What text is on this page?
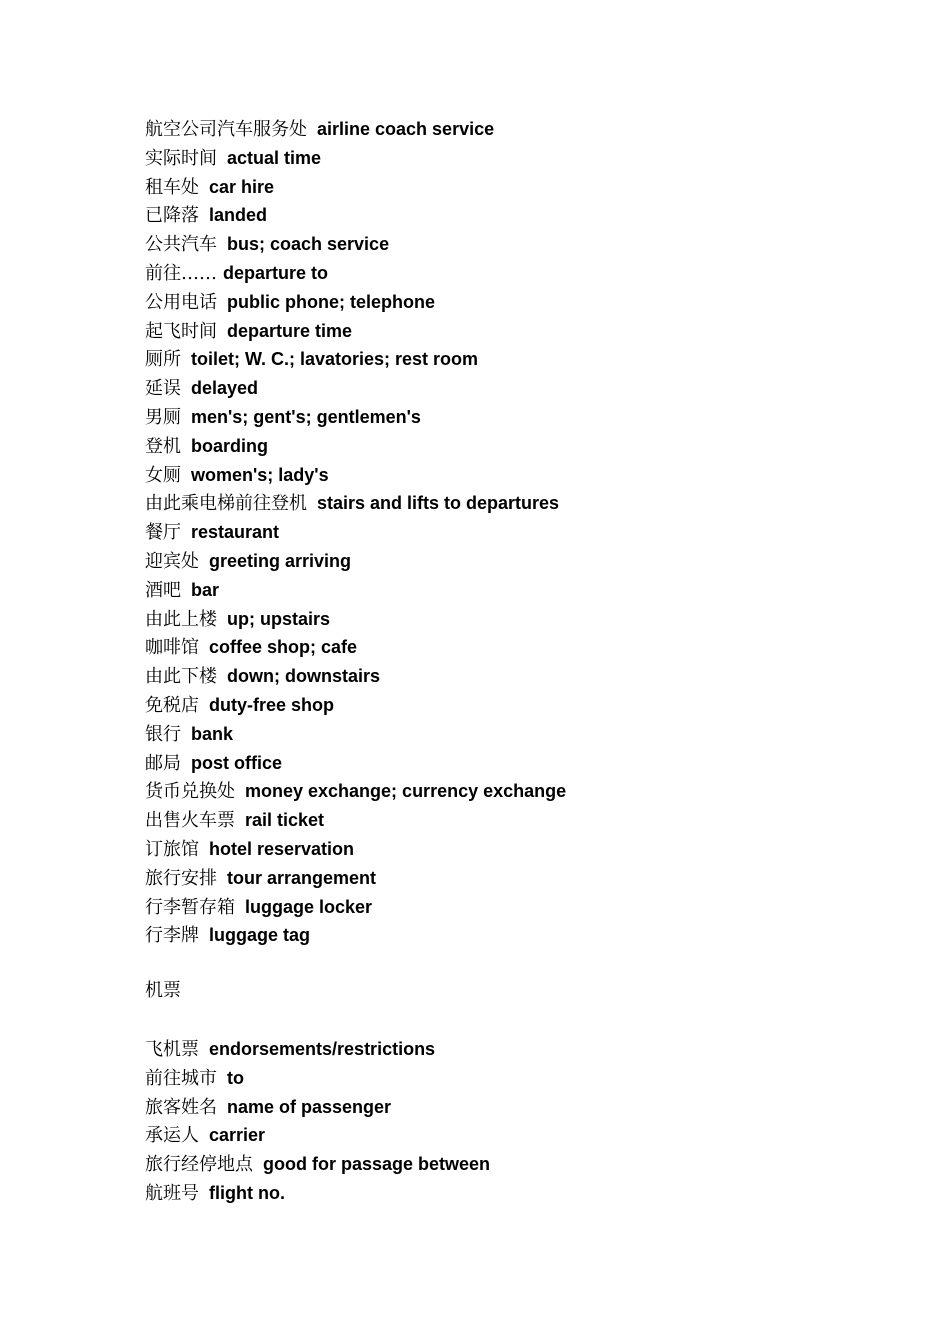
航空公司汽车服务处 airline coach service
实际时间 actual time
租车处 car hire
已降落 landed
公共汽车 bus; coach service
前往…… departure to
公用电话 public phone; telephone
起飞时间 departure time
厕所 toilet; W. C.; lavatories; rest room
延误 delayed
男厕 men's; gent's; gentlemen's
登机 boarding
女厕 women's; lady's
由此乘电梯前往登机 stairs and lifts to departures
餐厅 restaurant
迎宾处 greeting arriving
酒吧 bar
由此上楼 up; upstairs
咖啡馆 coffee shop; cafe
由此下楼 down; downstairs
免税店 duty-free shop
银行 bank
邮局 post office
货币兑换处 money exchange; currency exchange
出售火车票 rail ticket
订旅馆 hotel reservation
旅行安排 tour arrangement
行李暂存箱 luggage locker
行李牌 luggage tag
机票
飞机票 endorsements/restrictions
前往城市 to
旅客姓名 name of passenger
承运人 carrier
旅行经停地点 good for passage between
航班号 flight no.
